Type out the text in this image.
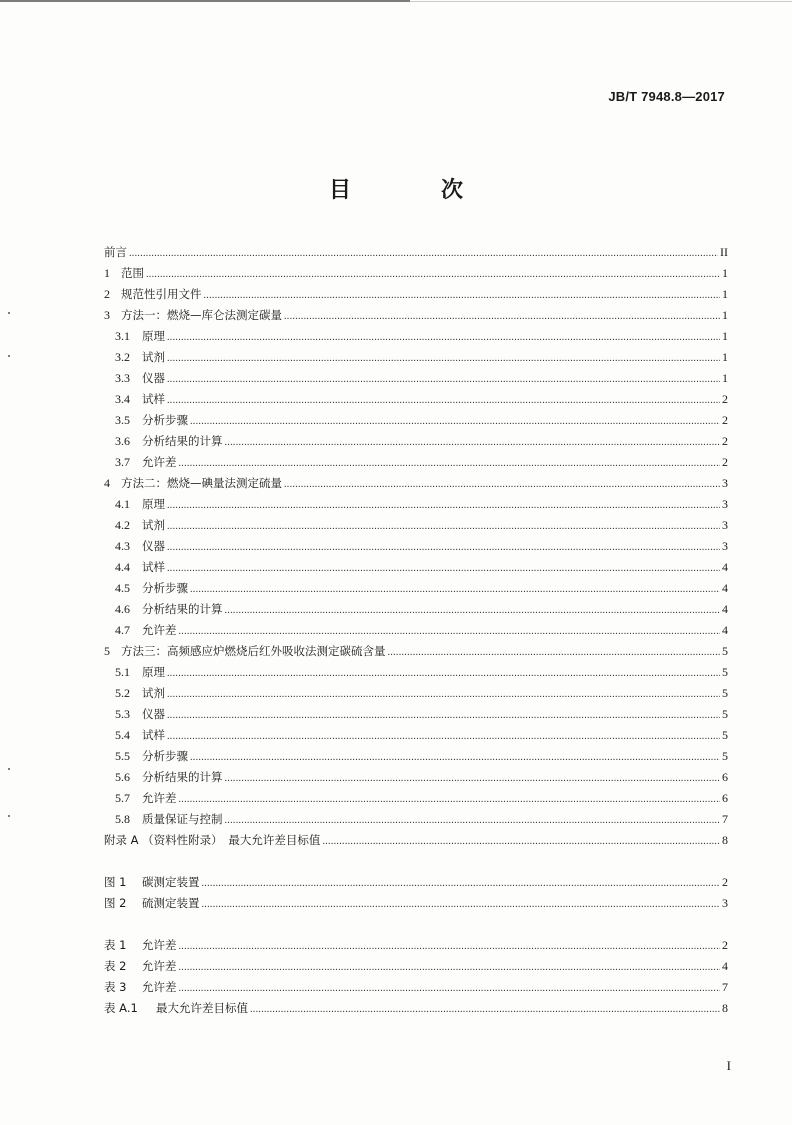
JB/T 7948.8—2017
目　次
前言 .....	II
1 范围 .....	1
2 规范性引用文件 .....	1
3 方法一：燃烧—库仑法测定碳量 .....	1
3.1	原理 .....	1
3.2	试剂 .....	1
3.3	仪器 .....	1
3.4	试样 .....	2
3.5	分析步骤 .....	2
3.6	分析结果的计算 .....	2
3.7	允许差 .....	2
4 方法二：燃烧—碘量法测定硫量 .....	3
4.1	原理 .....	3
4.2	试剂 .....	3
4.3	仪器 .....	3
4.4	试样 .....	4
4.5	分析步骤 .....	4
4.6	分析结果的计算 .....	4
4.7	允许差 .....	4
5 方法三：高频感应炉燃烧后红外吸收法测定碳硫含量 .....	5
5.1	原理 .....	5
5.2	试剂 .....	5
5.3	仪器 .....	5
5.4	试样 .....	5
5.5	分析步骤 .....	5
5.6	分析结果的计算 .....	6
5.7	允许差 .....	6
5.8	质量保证与控制 .....	7
附录 A （资料性附录）　最大允许差目标值 .....	8
图 1	碳测定装置 .....	2
图 2	硫测定装置 .....	3
表 1	允许差 .....	2
表 2	允许差 .....	4
表 3	允许差 .....	7
表 A.1	最大允许差目标值 .....	8
I
